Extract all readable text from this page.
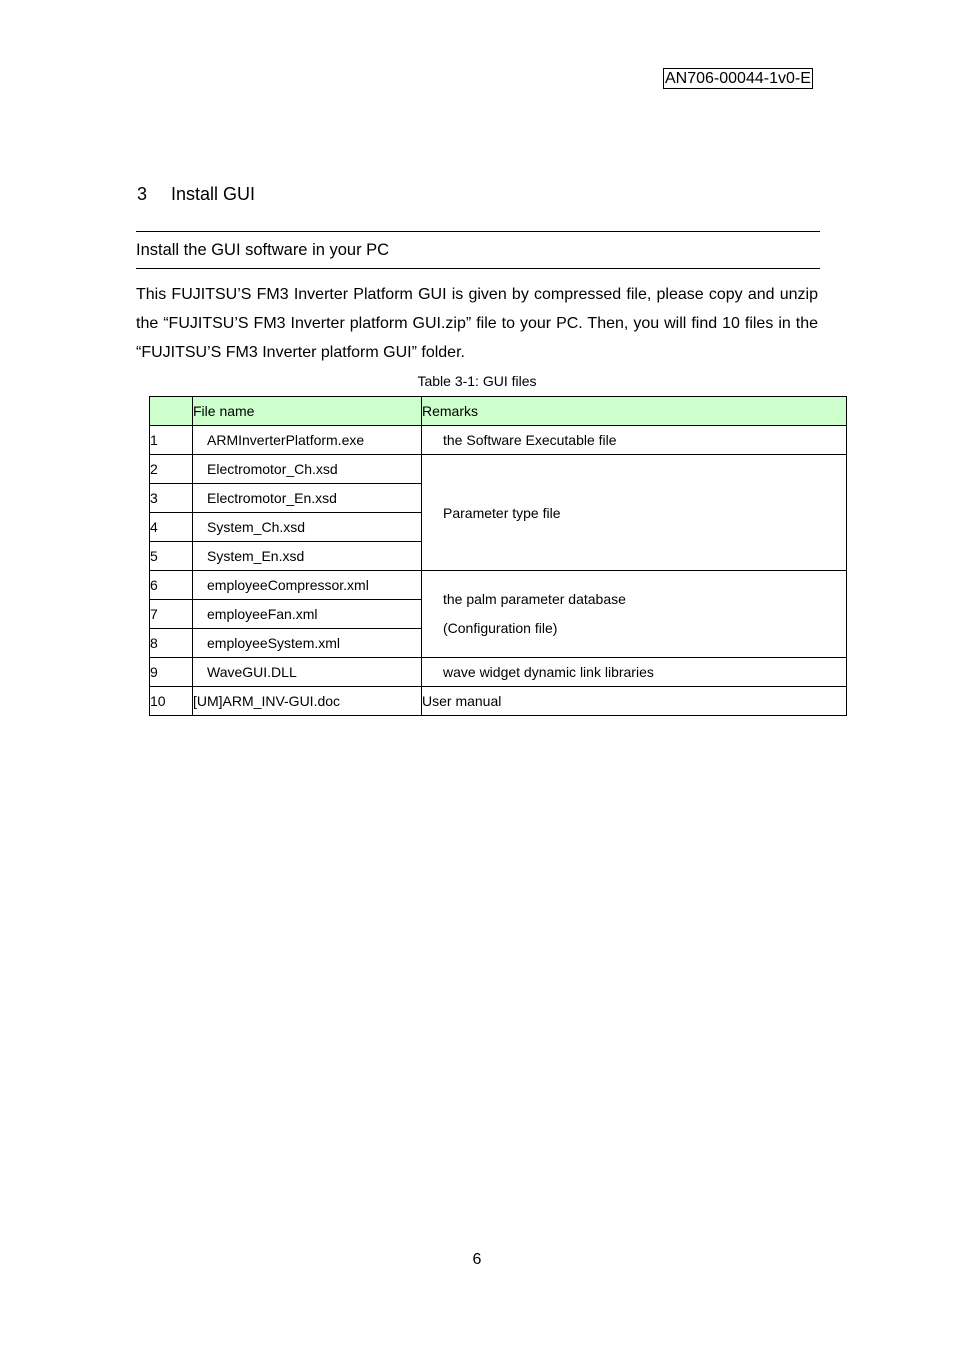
AN706-00044-1v0-E
3 Install GUI
Install the GUI software in your PC

This FUJITSU’S FM3 Inverter Platform GUI is given by compressed file, please copy and unzip the “FUJITSU’S FM3 Inverter platform GUI.zip” file to your PC. Then, you will find 10 files in the “FUJITSU’S FM3 Inverter platform GUI” folder.

Table 3-1: GUI files
	File name	Remarks
1	ARMInverterPlatform.exe	the Software Executable file
2	Electromotor_Ch.xsd	Parameter type file
3	Electromotor_En.xsd	
4	System_Ch.xsd	
5	System_En.xsd	
6	employeeCompressor.xml	the palm parameter database
(Configuration file)

7	employeeFan.xml	
8	employeeSystem.xml	
9	WaveGUI.DLL	wave widget dynamic link libraries
10	[UM]ARM_INV-GUI.doc	User manual
6
